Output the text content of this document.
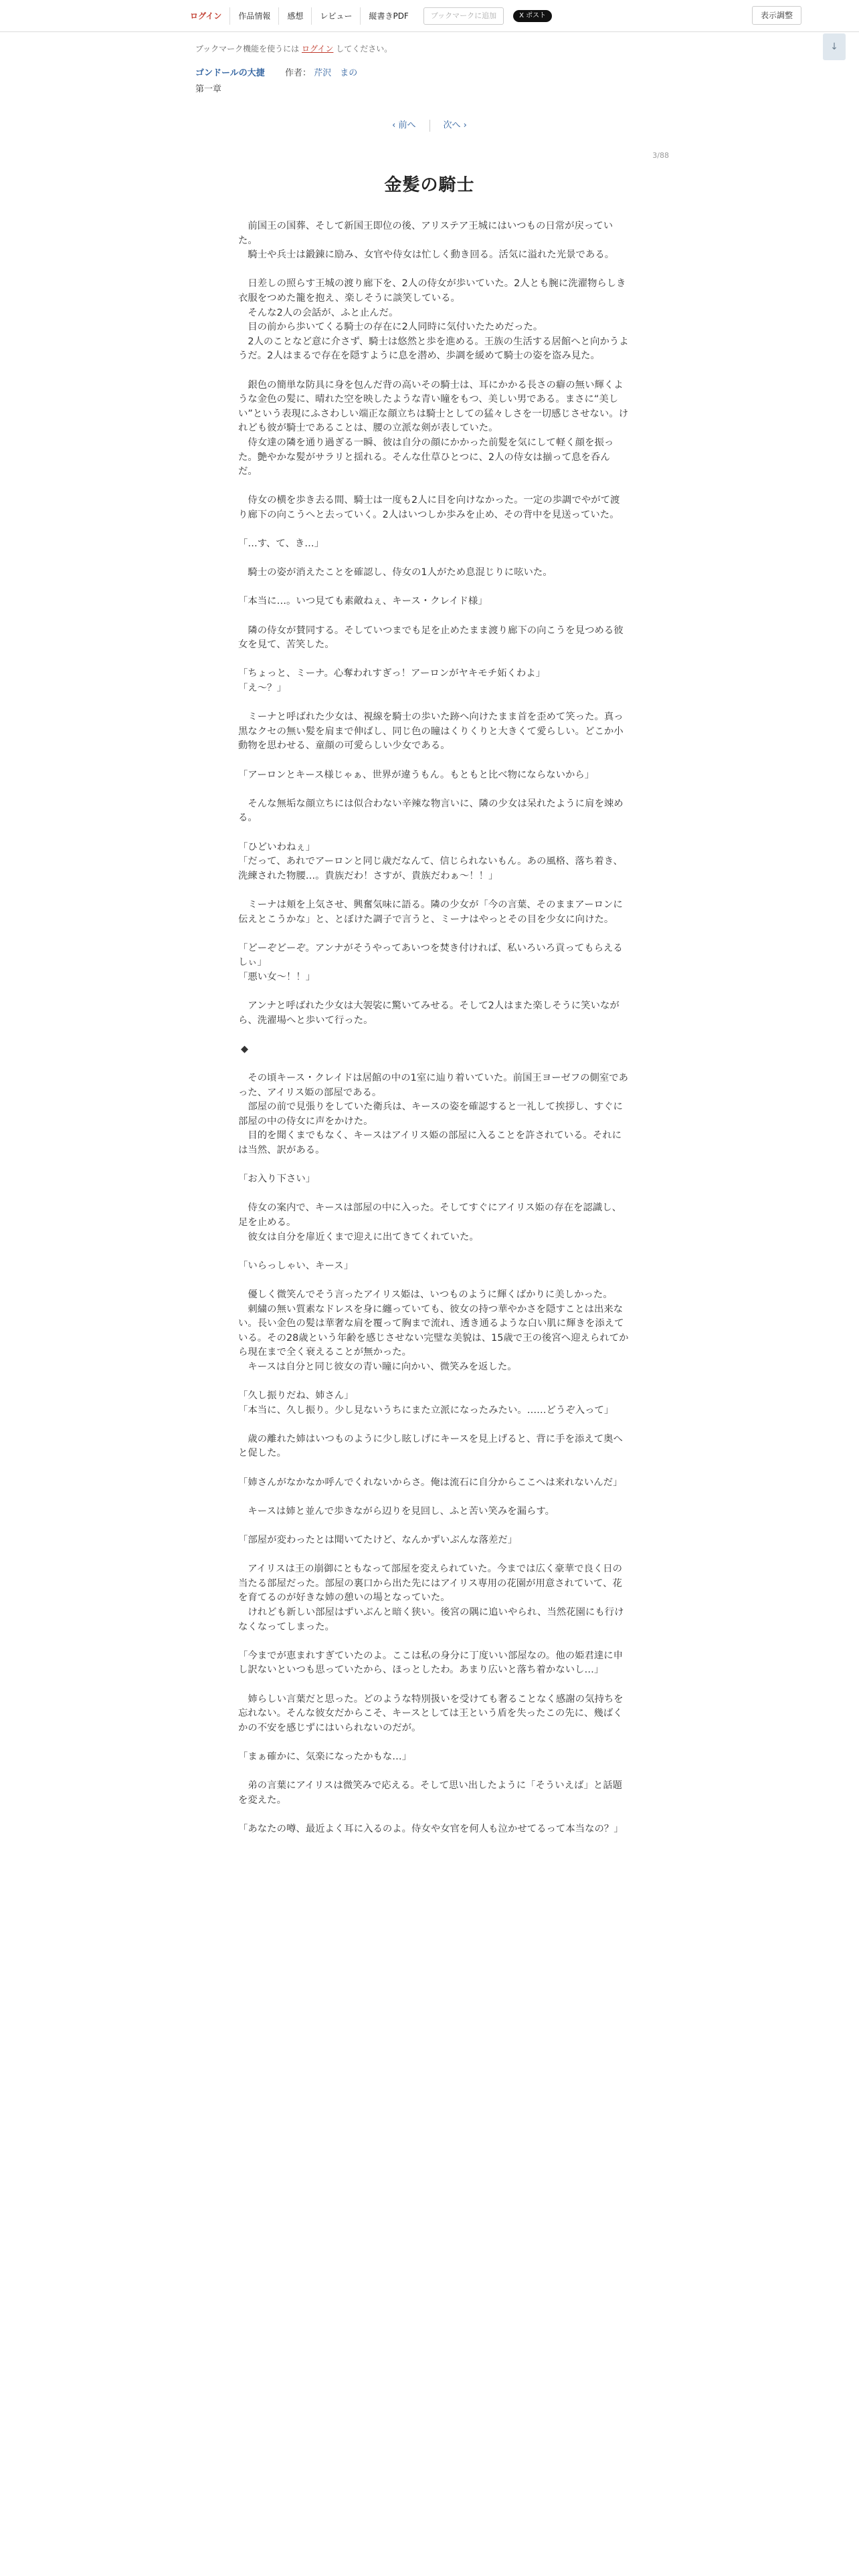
ログイン	作品情報	感想	レビュー	縦書きPDF	ブックマークに追加	X ポスト	表示調整
↓
ブックマーク機能を使うには ログイン してください。
ゴンドールの大捷 作者： 芹沢　まの
第一章
‹ 前へ	次へ ›
3/88
金髪の騎士

　前国王の国葬、そして新国王即位の後、アリステア王城にはいつもの日常が戻っていた。

　騎士や兵士は鍛錬に励み、女官や侍女は忙しく動き回る。活気に溢れた光景である。

　日差しの照らす王城の渡り廊下を、2人の侍女が歩いていた。2人とも腕に洗濯物らしき衣服をつめた籠を抱え、楽しそうに談笑している。

　そんな2人の会話が、ふと止んだ。

　目の前から歩いてくる騎士の存在に2人同時に気付いたためだった。

　2人のことなど意に介さず、騎士は悠然と歩を進める。王族の生活する居館へと向かうようだ。2人はまるで存在を隠すように息を潜め、歩調を緩めて騎士の姿を盗み見た。

　銀色の簡単な防具に身を包んだ背の高いその騎士は、耳にかかる長さの癖の無い輝くような金色の髪に、晴れた空を映したような青い瞳をもつ、美しい男である。まさに“美しい”という表現にふさわしい端正な顔立ちは騎士としての猛々しさを一切感じさせない。けれども彼が騎士であることは、腰の立派な剣が表していた。

　侍女達の隣を通り過ぎる一瞬、彼は自分の顔にかかった前髪を気にして軽く顔を振った。艶やかな髪がサラリと揺れる。そんな仕草ひとつに、2人の侍女は揃って息を呑んだ。

　侍女の横を歩き去る間、騎士は一度も2人に目を向けなかった。一定の歩調でやがて渡り廊下の向こうへと去っていく。2人はいつしか歩みを止め、その背中を見送っていた。

「…す、て、き…」

　騎士の姿が消えたことを確認し、侍女の1人がため息混じりに呟いた。

「本当に…。いつ見ても素敵ねぇ、キース・クレイド様」

　隣の侍女が賛同する。そしていつまでも足を止めたまま渡り廊下の向こうを見つめる彼女を見て、苦笑した。

「ちょっと、ミーナ。心奪われすぎっ！アーロンがヤキモチ妬くわよ」

「え～？」

　ミーナと呼ばれた少女は、視線を騎士の歩いた跡へ向けたまま首を歪めて笑った。真っ黒なクセの無い髪を肩まで伸ばし、同じ色の瞳はくりくりと大きくて愛らしい。どこか小動物を思わせる、童顔の可愛らしい少女である。

「アーロンとキース様じゃぁ、世界が違うもん。もともと比べ物にならないから」

　そんな無垢な顔立ちには似合わない辛辣な物言いに、隣の少女は呆れたように肩を竦める。

「ひどいわねぇ」

「だって、あれでアーロンと同じ歳だなんて、信じられないもん。あの風格、落ち着き、洗練された物腰…。貴族だわ！さすが、貴族だわぁ～！！」

　ミーナは頬を上気させ、興奮気味に語る。隣の少女が「今の言葉、そのままアーロンに伝えとこうかな」と、とぼけた調子で言うと、ミーナはやっとその目を少女に向けた。

「どーぞどーぞ。アンナがそうやってあいつを焚き付ければ、私いろいろ貢ってもらえるしぃ」

「悪い女～！！」

　アンナと呼ばれた少女は大袈裟に驚いてみせる。そして2人はまた楽しそうに笑いながら、洗濯場へと歩いて行った。

◆

　その頃キース・クレイドは居館の中の1室に辿り着いていた。前国王ヨーゼフの側室であった、アイリス姫の部屋である。

　部屋の前で見張りをしていた衛兵は、キースの姿を確認すると一礼して挨拶し、すぐに部屋の中の侍女に声をかけた。

　目的を聞くまでもなく、キースはアイリス姫の部屋に入ることを許されている。それには当然、訳がある。

「お入り下さい」

　侍女の案内で、キースは部屋の中に入った。そしてすぐにアイリス姫の存在を認識し、足を止める。

　彼女は自分を扉近くまで迎えに出てきてくれていた。

「いらっしゃい、キース」

　優しく微笑んでそう言ったアイリス姫は、いつものように輝くばかりに美しかった。

　刺繍の無い質素なドレスを身に纏っていても、彼女の持つ華やかさを隠すことは出来ない。長い金色の髪は華奢な肩を覆って胸まで流れ、透き通るような白い肌に輝きを添えている。その28歳という年齢を感じさせない完璧な美貌は、15歳で王の後宮へ迎えられてから現在まで全く衰えることが無かった。

　キースは自分と同じ彼女の青い瞳に向かい、微笑みを返した。

「久し振りだね、姉さん」

「本当に、久し振り。少し見ないうちにまた立派になったみたい。……どうぞ入って」

　歳の離れた姉はいつものように少し眩しげにキースを見上げると、背に手を添えて奥へと促した。

「姉さんがなかなか呼んでくれないからさ。俺は流石に自分からここへは来れないんだ」

　キースは姉と並んで歩きながら辺りを見回し、ふと苦い笑みを漏らす。

「部屋が変わったとは聞いてたけど、なんかずいぶんな落差だ」

　アイリスは王の崩御にともなって部屋を変えられていた。今までは広く豪華で良く日の当たる部屋だった。部屋の裏口から出た先にはアイリス専用の花園が用意されていて、花を育てるのが好きな姉の憩いの場となっていた。

　けれども新しい部屋はずいぶんと暗く狭い。後宮の隅に追いやられ、当然花園にも行けなくなってしまった。

「今までが恵まれすぎていたのよ。ここは私の身分に丁度いい部屋なの。他の姫君達に申し訳ないといつも思っていたから、ほっとしたわ。あまり広いと落ち着かないし…」

　姉らしい言葉だと思った。どのような特別扱いを受けても奢ることなく感謝の気持ちを忘れない。そんな彼女だからこそ、キースとしては王という盾を失ったこの先に、幾ばくかの不安を感じずにはいられないのだが。

「まぁ確かに、気楽になったかもな…」

　弟の言葉にアイリスは微笑みで応える。そして思い出したように「そういえば」と話題を変えた。

「あなたの噂、最近よく耳に入るのよ。侍女や女官を何人も泣かせてるって本当なの？」
